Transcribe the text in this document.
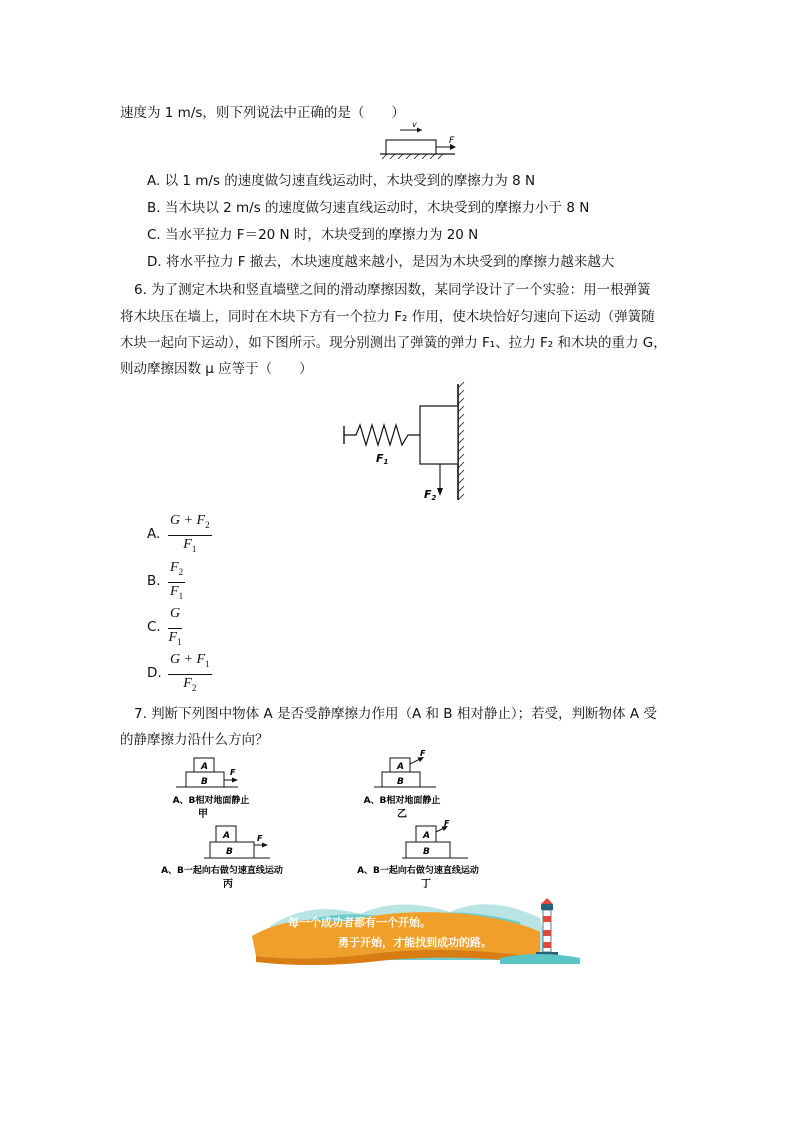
速度为 1 m/s，则下列说法中正确的是（　　）
v
F
A. 以 1 m/s 的速度做匀速直线运动时，木块受到的摩擦力为 8 N
B. 当木块以 2 m/s 的速度做匀速直线运动时，木块受到的摩擦力小于 8 N
C. 当水平拉力 F＝20 N 时，木块受到的摩擦力为 20 N
D. 将水平拉力 F 撤去，木块速度越来越小，是因为木块受到的摩擦力越来越大
6. 为了测定木块和竖直墙壁之间的滑动摩擦因数，某同学设计了一个实验：用一根弹簧
将木块压在墙上，同时在木块下方有一个拉力 F₂ 作用，使木块恰好匀速向下运动（弹簧随
木块一起向下运动），如下图所示。现分别测出了弹簧的弹力 F₁、拉力 F₂ 和木块的重力 G，
则动摩擦因数 μ 应等于（　　）
F1
F2
A. $\frac{G + F_2}{F_1}$
B. $\frac{F_2}{F_1}$
C. $\frac{G}{F_1}$
D. $\frac{G + F_1}{F_2}$
7. 判断下列图中物体 A 是否受静摩擦力作用（A 和 B 相对静止）；若受，判断物体 A 受
的静摩擦力沿什么方向？
A
B
F
A、B相对地面静止
甲
A
B
F
A、B相对地面静止
乙
A
B
F
A、B一起向右做匀速直线运动
丙
A
B
F
A、B一起向右做匀速直线运动
丁
每一个成功者都有一个开始。
勇于开始，才能找到成功的路。
